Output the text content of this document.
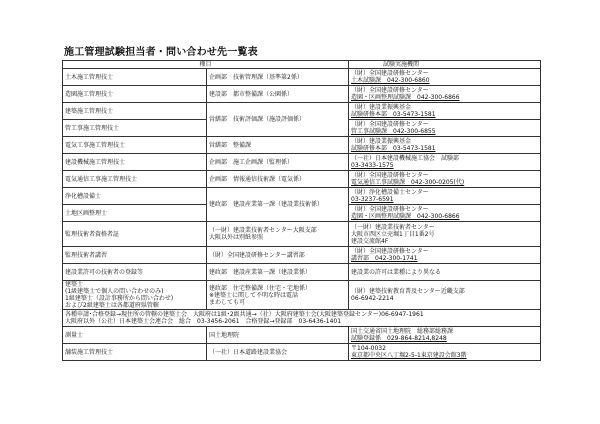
施工管理試験担当者・問い合わせ先一覧表
種目		試験実施機関
土木施工管理技士	企画部　技術管理課（基準第2係）	（財）全国建設研修センター
土木試験課　042-300-6860

造園施工管理技士	建設部　都市整備課（公園係）	（財）全国建設研修センター
造園・区画整理試験課　042-300-6866

建築施工管理技士	営繕部　技術評価課（施設評価係）	（財）建設業振興基金
試験研修本部　03-5473-1581

管工事施工管理技士		（財）全国建設研修センター
管工事試験課　042-300-6855

電気工事施工管理技士	営繕部　整備課	（財）建設業振興基金
試験研修本部　03-5473-1581

建設機械施工管理技士	企画部　施工企画課（監理係）	（一社）日本建設機械施工協会　試験部
03-3433-1575

電気通信工事施工管理技士	企画部　情報通信技術課（電気係）	（財）全国建設研修センター
電気通信工事試験課　042-300-0205(代)

浄化槽設備士	建政部　建設産業第一課（建設業技術係）	（財）浄化槽設備士センター
03-3237-6591

土地区画整理士		（財）全国建設研修センター
造園・区画整理試験課　042-300-6866

監理技術者資格者証	（一財）建設業技術者センター大阪支部
大阪以外は別紙参照	（一財）建設業技術者センター
大阪市西区立売堀1丁目1番2号
建設交流館4F

監理技術者講習	（財）全国建設研修センター講習部	（財）全国建設研修センター
講習部　042-300-1741

建設業許可の技術者の登録等	建政部　建設産業第一課（建設業係）	建設業の許可は業種により異なる

建築士
(1級建築士で個人の問い合わせのみ)
1級建築士（設計事務所から問い合わせ)
および2級建築士は各都道府県管轄	建政部　住宅整備課（住宅・宅地係）
※建築士に関して不明な時は電話
まわしても可	（財）建築技術教育普及センター近畿支部
06-6942-2214

各種申請･合格登録→現住所の管轄の建築士会　大阪府は1級･2級共通→（社）大阪府建築士会(大阪建築登録センター)06-6947-1961
大阪府以外（公社）日本建築士会連合会　総合　03-3456-2061　合格登録→登録部　03-6436-1401		

測量士	国土地理院	国土交通省国土地理院　総務部総務課
試験登録係　029-864-8214,8248

舗装施工管理技士	（一社）日本道路建設業協会	〒104-0032
東京都中央区八丁堀2-5-1東京建設会館3階
